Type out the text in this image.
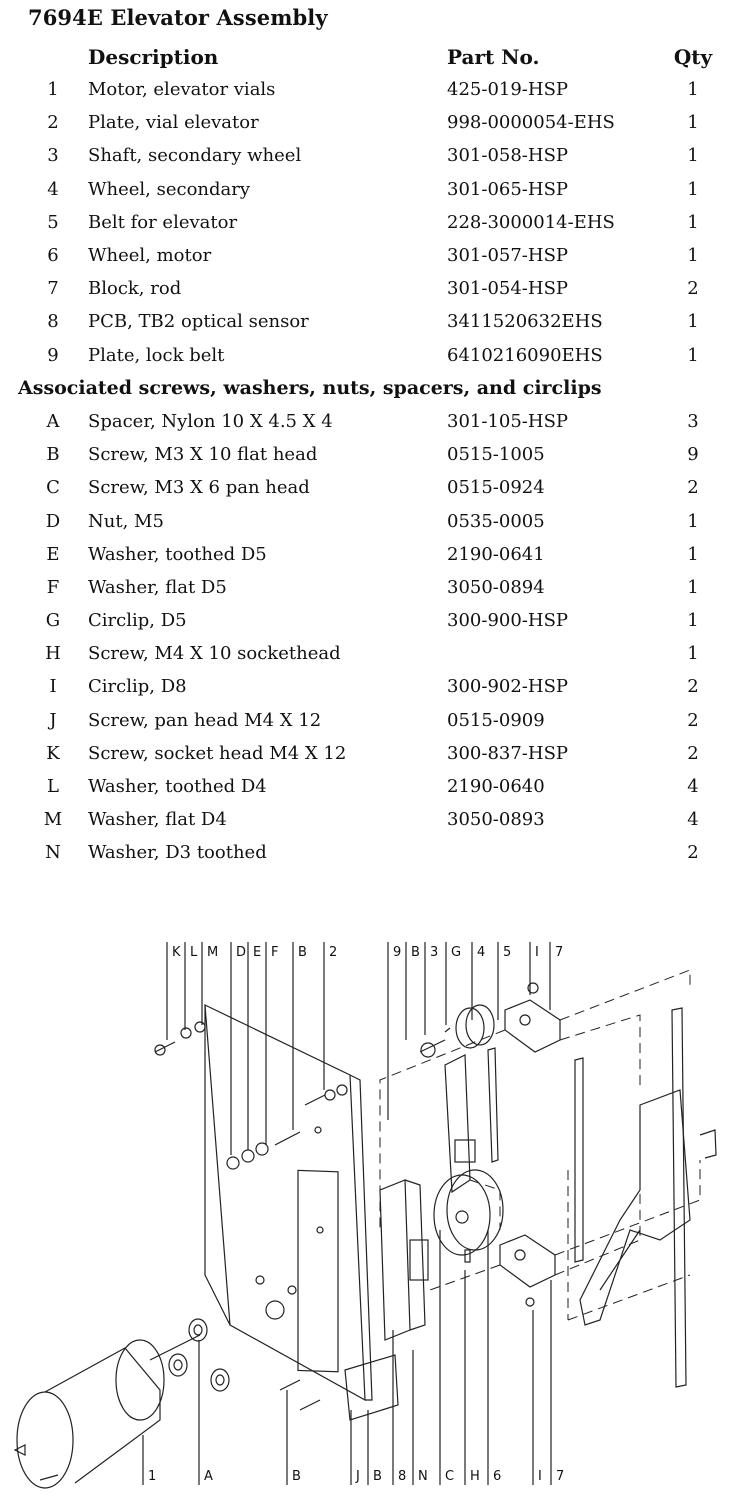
7694E Elevator Assembly
	Description	Part No.	Qty
1	Motor, elevator vials	425-019-HSP	1
2	Plate, vial elevator	998-0000054-EHS	1
3	Shaft, secondary wheel	301-058-HSP	1
4	Wheel, secondary	301-065-HSP	1
5	Belt for elevator	228-3000014-EHS	1
6	Wheel, motor	301-057-HSP	1
7	Block, rod	301-054-HSP	2
8	PCB, TB2 optical sensor	3411520632EHS	1
9	Plate, lock belt	6410216090EHS	1
Associated screws, washers, nuts, spacers, and circlips			
A	Spacer, Nylon 10 X 4.5 X 4	301-105-HSP	3
B	Screw, M3 X 10 flat head	0515-1005	9
C	Screw, M3 X 6 pan head	0515-0924	2
D	Nut, M5	0535-0005	1
E	Washer, toothed D5	2190-0641	1
F	Washer, flat D5	3050-0894	1
G	Circlip, D5	300-900-HSP	1
H	Screw, M4 X 10 sockethead		1
I	Circlip, D8	300-902-HSP	2
J	Screw, pan head M4 X 12	0515-0909	2
K	Screw, socket head M4 X 12	300-837-HSP	2
L	Washer, toothed D4	2190-0640	4
M	Washer, flat D4	3050-0893	4
N	Washer, D3 toothed		2
K L M D E F B 2	9 B 3 G 4 5 I 7
1	A	B	J B 8 N C H 6	I 7
